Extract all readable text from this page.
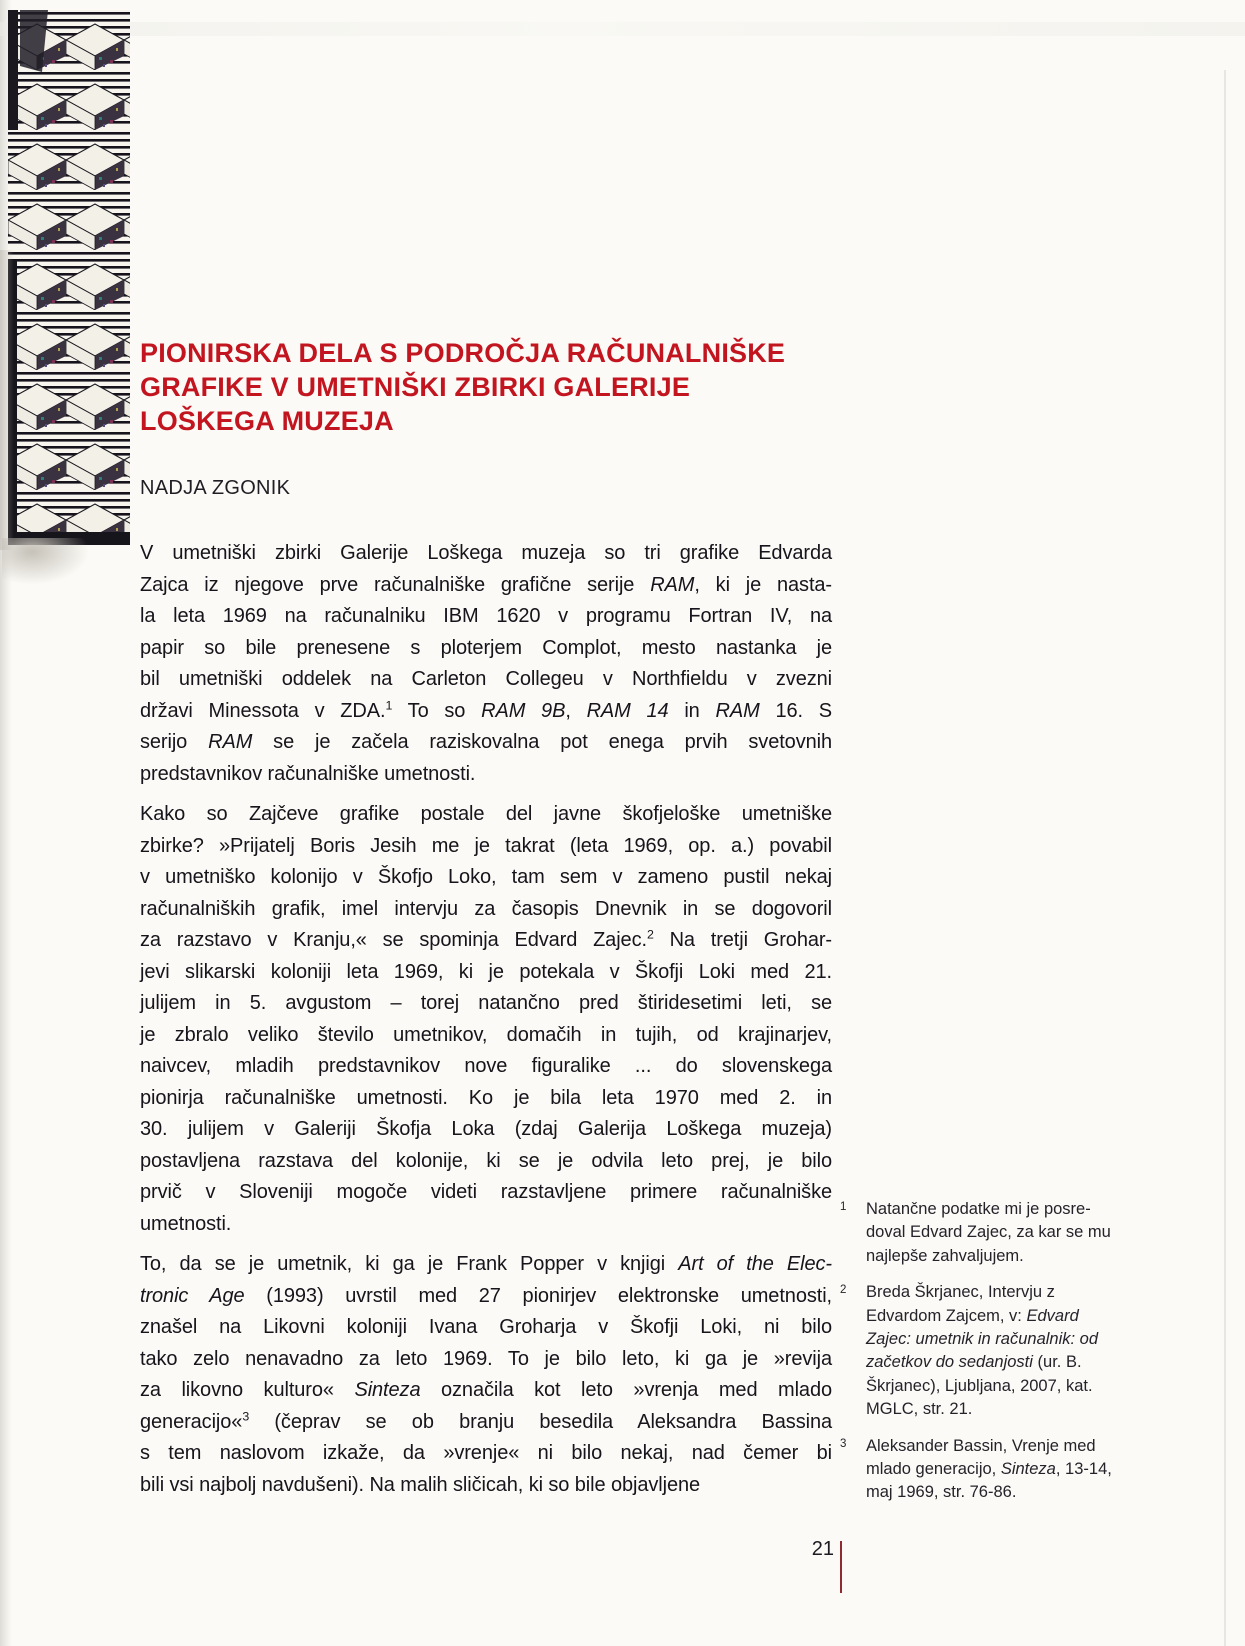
PIONIRSKA DELA S PODROČJA RAČUNALNIŠKE
GRAFIKE V UMETNIŠKI ZBIRKI GALERIJE
LOŠKEGA MUZEJA
NADJA ZGONIK
V umetniški zbirki Galerije Loškega muzeja so tri grafike Edvarda
Zajca iz njegove prve računalniške grafične serije RAM, ki je nasta-
la leta 1969 na računalniku IBM 1620 v programu Fortran IV, na
papir so bile prenesene s ploterjem Complot, mesto nastanka je
bil umetniški oddelek na Carleton Collegeu v Northfieldu v zvezni
državi Minessota v ZDA.$^1$ To so RAM 9B, RAM 14 in RAM 16. S
serijo RAM se je začela raziskovalna pot enega prvih svetovnih
predstavnikov računalniške umetnosti.
Kako so Zajčeve grafike postale del javne škofjeloške umetniške
zbirke? »Prijatelj Boris Jesih me je takrat (leta 1969, op. a.) povabil
v umetniško kolonijo v Škofjo Loko, tam sem v zameno pustil nekaj
računalniških grafik, imel intervju za časopis Dnevnik in se dogovoril
za razstavo v Kranju,« se spominja Edvard Zajec.$^2$ Na tretji Grohar-
jevi slikarski koloniji leta 1969, ki je potekala v Škofji Loki med 21.
julijem in 5. avgustom – torej natančno pred štiridesetimi leti, se
je zbralo veliko število umetnikov, domačih in tujih, od krajinarjev,
naivcev, mladih predstavnikov nove figuralike ... do slovenskega
pionirja računalniške umetnosti. Ko je bila leta 1970 med 2. in
30. julijem v Galeriji Škofja Loka (zdaj Galerija Loškega muzeja)
postavljena razstava del kolonije, ki se je odvila leto prej, je bilo
prvič v Sloveniji mogoče videti razstavljene primere računalniške
umetnosti.
To, da se je umetnik, ki ga je Frank Popper v knjigi Art of the Elec-
tronic Age (1993) uvrstil med 27 pionirjev elektronske umetnosti,
znašel na Likovni koloniji Ivana Groharja v Škofji Loki, ni bilo
tako zelo nenavadno za leto 1969. To je bilo leto, ki ga je »revija
za likovno kulturo« Sinteza označila kot leto »vrenja med mlado
generacijo«$^3$ (čeprav se ob branju besedila Aleksandra Bassina
s tem naslovom izkaže, da »vrenje« ni bilo nekaj, nad čemer bi
bili vsi najbolj navdušeni). Na malih sličicah, ki so bile objavljene
1 Natančne podatke mi je posre-
doval Edvard Zajec, za kar se mu
najlepše zahvaljujem.
2 Breda Škrjanec, Intervju z
Edvardom Zajcem, v: Edvard
Zajec: umetnik in računalnik: od
začetkov do sedanjosti (ur. B.
Škrjanec), Ljubljana, 2007, kat.
MGLC, str. 21.
3 Aleksander Bassin, Vrenje med
mlado generacijo, Sinteza, 13-14,
maj 1969, str. 76-86.
21
